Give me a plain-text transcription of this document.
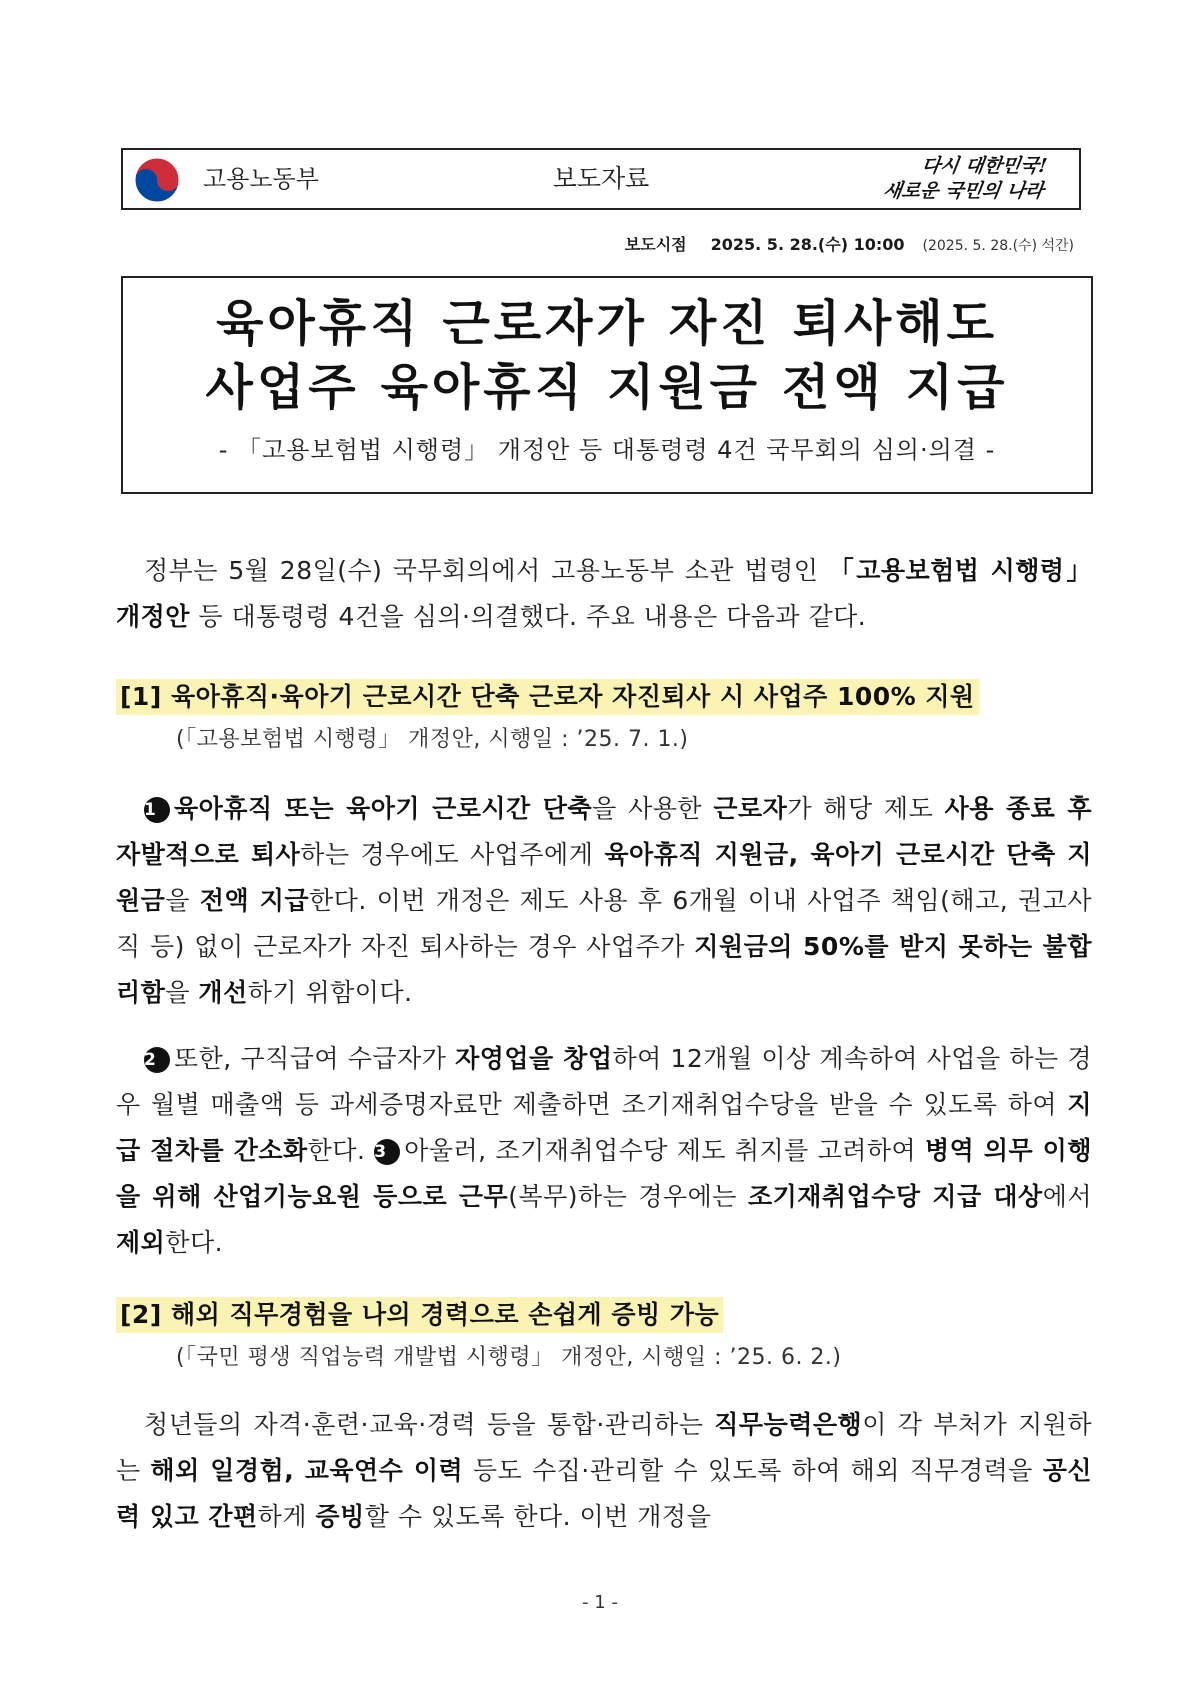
고용노동부	보도자료	다시 대한민국!
새로운 국민의 나라
보도시점 2025. 5. 28.(수) 10:00 (2025. 5. 28.(수) 석간)
육아휴직 근로자가 자진 퇴사해도
사업주 육아휴직 지원금 전액 지급
- 「고용보험법 시행령」 개정안 등 대통령령 4건 국무회의 심의·의결 -

정부는 5월 28일(수) 국무회의에서 고용노동부 소관 법령인 「고용보험법 시행령」 개정안 등 대통령령 4건을 심의·의결했다. 주요 내용은 다음과 같다.

[1] 육아휴직·육아기 근로시간 단축 근로자 자진퇴사 시 사업주 100% 지원
(「고용보험법 시행령」 개정안, 시행일 : ’25. 7. 1.)

1 육아휴직 또는 육아기 근로시간 단축을 사용한 근로자가 해당 제도 사용 종료 후 자발적으로 퇴사하는 경우에도 사업주에게 육아휴직 지원금, 육아기 근로시간 단축 지원금을 전액 지급한다. 이번 개정은 제도 사용 후 6개월 이내 사업주 책임(해고, 권고사직 등) 없이 근로자가 자진 퇴사하는 경우 사업주가 지원금의 50%를 받지 못하는 불합리함을 개선하기 위함이다.

2 또한, 구직급여 수급자가 자영업을 창업하여 12개월 이상 계속하여 사업을 하는 경우 월별 매출액 등 과세증명자료만 제출하면 조기재취업수당을 받을 수 있도록 하여 지급 절차를 간소화한다. 3 아울러, 조기재취업수당 제도 취지를 고려하여 병역 의무 이행을 위해 산업기능요원 등으로 근무(복무)하는 경우에는 조기재취업수당 지급 대상에서 제외한다.

[2] 해외 직무경험을 나의 경력으로 손쉽게 증빙 가능
(「국민 평생 직업능력 개발법 시행령」 개정안, 시행일 : ’25. 6. 2.)

청년들의 자격·훈련·교육·경력 등을 통합·관리하는 직무능력은행이 각 부처가 지원하는 해외 일경험, 교육연수 이력 등도 수집·관리할 수 있도록 하여 해외 직무경력을 공신력 있고 간편하게 증빙할 수 있도록 한다. 이번 개정을

- 1 -
